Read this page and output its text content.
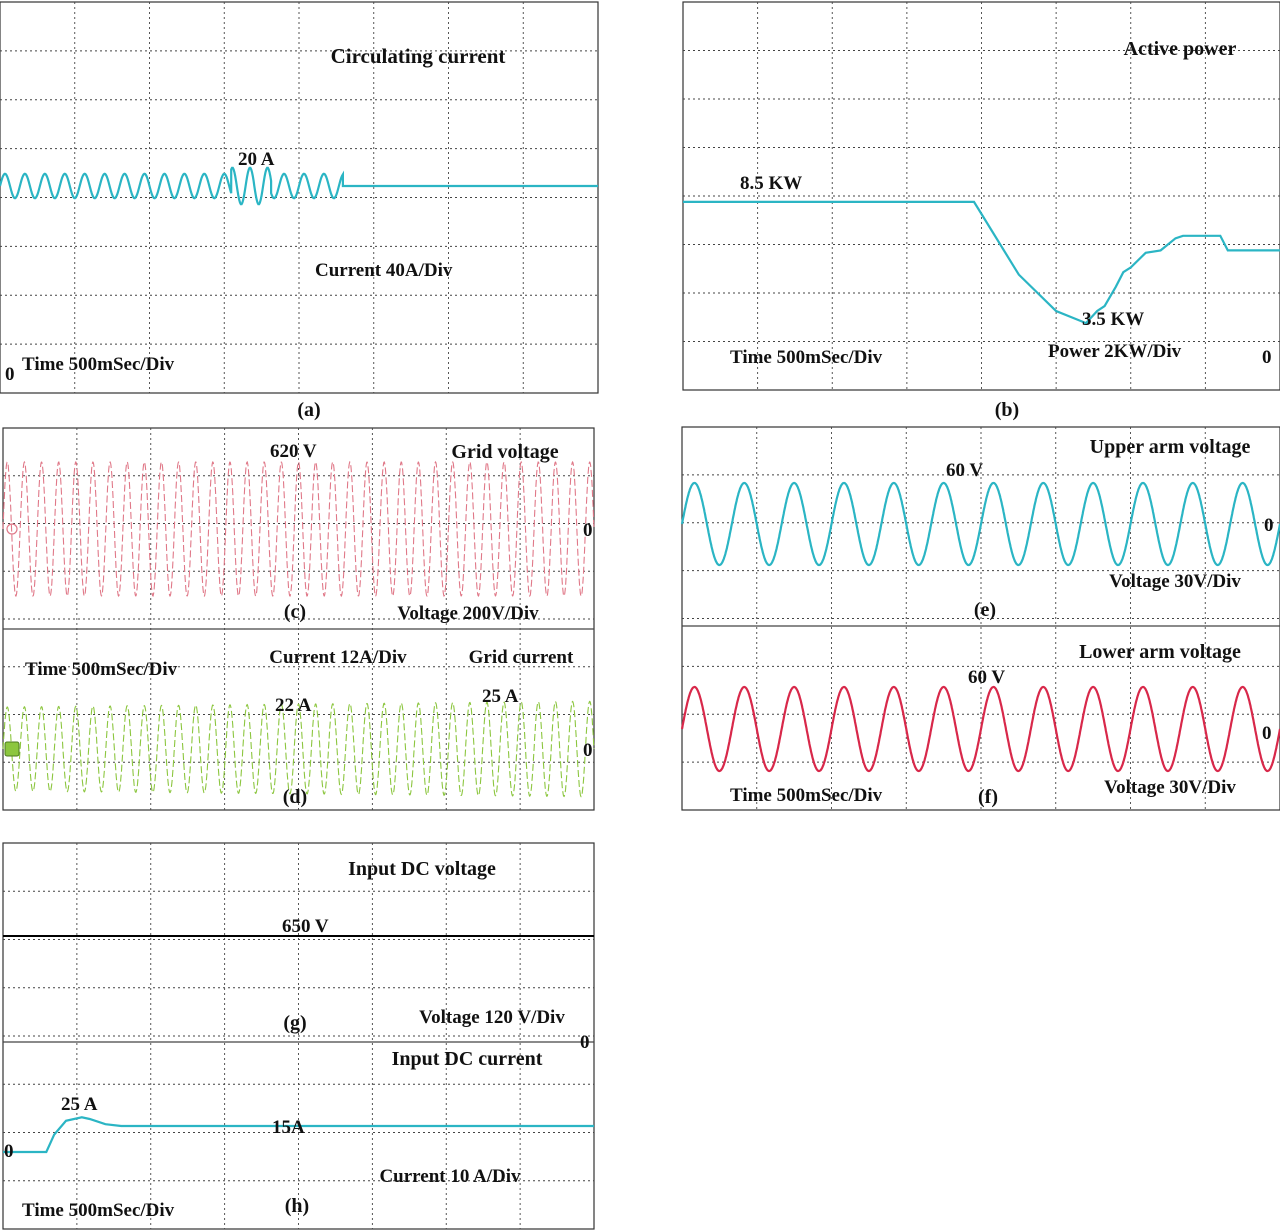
Circulating current
20 A
Current 40A/Div
Time 500mSec/Div
0
(a)
Active power
8.5 KW
3.5 KW
Power 2KW/Div
Time 500mSec/Div	0
(b)
620 V	Grid voltage
0
(c)	Voltage 200V/Div
Time 500mSec/Div
Current 12A/Div	Grid current
22 A	25 A
0
(d)
Upper arm voltage
60 V
0
Voltage 30V/Div
(e)
Lower arm voltage
60 V
0
Time 500mSec/Div	(f)	Voltage 30V/Div
Input DC voltage
650 V
(g)	Voltage 120 V/Div
0
Input DC current
25 A
15A
0
Current 10 A/Div
Time 500mSec/Div	(h)
